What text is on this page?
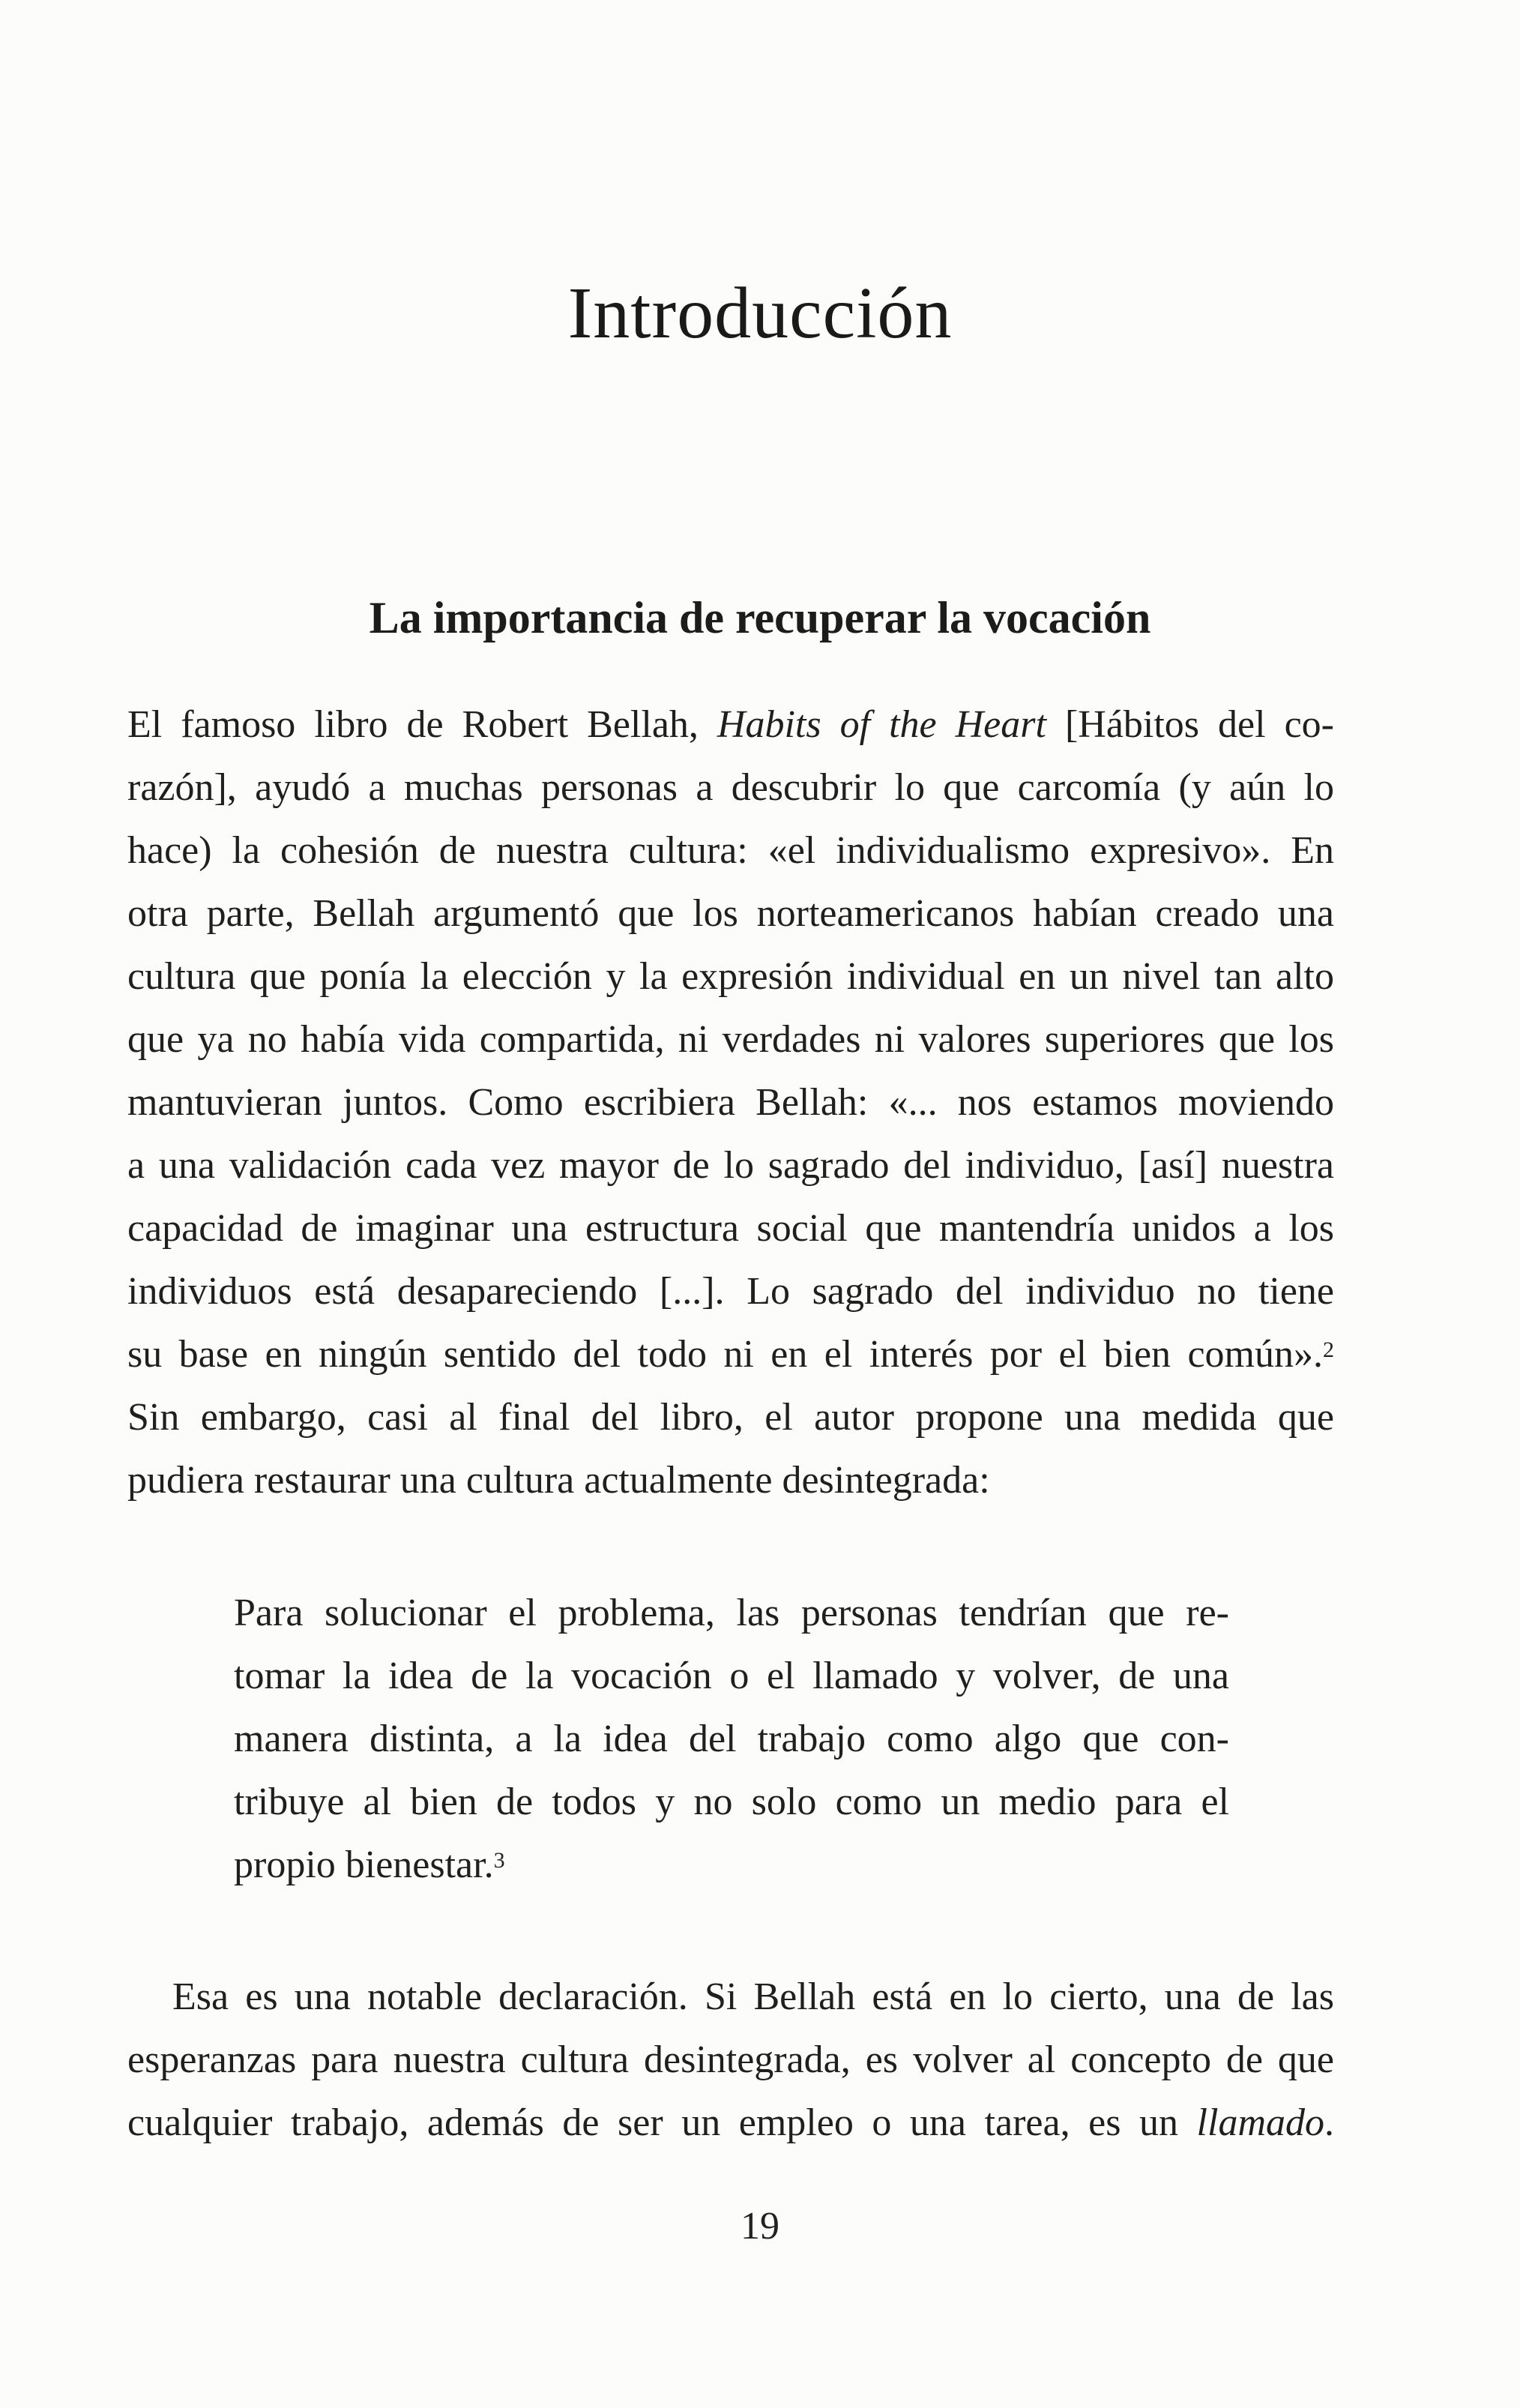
Introducción
La importancia de recuperar la vocación
El famoso libro de Robert Bellah, Habits of the Heart [Hábitos del co-
razón], ayudó a muchas personas a descubrir lo que carcomía (y aún lo
hace) la cohesión de nuestra cultura: «el individualismo expresivo». En
otra parte, Bellah argumentó que los norteamericanos habían creado una
cultura que ponía la elección y la expresión individual en un nivel tan alto
que ya no había vida compartida, ni verdades ni valores superiores que los
mantuvieran juntos. Como escribiera Bellah: «... nos estamos moviendo
a una validación cada vez mayor de lo sagrado del individuo, [así] nuestra
capacidad de imaginar una estructura social que mantendría unidos a los
individuos está desapareciendo [...]. Lo sagrado del individuo no tiene
su base en ningún sentido del todo ni en el interés por el bien común».$^2$
Sin embargo, casi al final del libro, el autor propone una medida que
pudiera restaurar una cultura actualmente desintegrada:
Para solucionar el problema, las personas tendrían que re-
tomar la idea de la vocación o el llamado y volver, de una
manera distinta, a la idea del trabajo como algo que con-
tribuye al bien de todos y no solo como un medio para el
propio bienestar.$^3$
Esa es una notable declaración. Si Bellah está en lo cierto, una de las
esperanzas para nuestra cultura desintegrada, es volver al concepto de que
cualquier trabajo, además de ser un empleo o una tarea, es un llamado.
19
